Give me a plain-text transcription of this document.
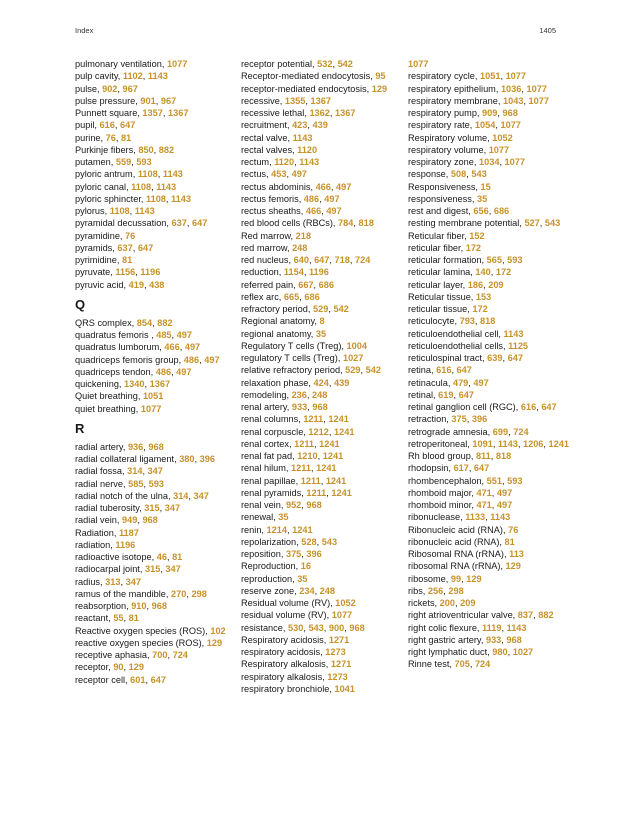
Index	1405
pulmonary ventilation, 1077
pulp cavity, 1102, 1143
pulse, 902, 967
pulse pressure, 901, 967
Punnett square, 1357, 1367
pupil, 616, 647
purine, 76, 81
Purkinje fibers, 850, 882
putamen, 559, 593
pyloric antrum, 1108, 1143
pyloric canal, 1108, 1143
pyloric sphincter, 1108, 1143
pylorus, 1108, 1143
pyramidal decussation, 637, 647
pyramidine, 76
pyramids, 637, 647
pyrimidine, 81
pyruvate, 1156, 1196
pyruvic acid, 419, 438
Q
QRS complex, 854, 882
quadratus femoris , 485, 497
quadratus lumborum, 466, 497
quadriceps femoris group, 486, 497
quadriceps tendon, 486, 497
quickening, 1340, 1367
Quiet breathing, 1051
quiet breathing, 1077
R
radial artery, 936, 968
radial collateral ligament, 380, 396
radial fossa, 314, 347
radial nerve, 585, 593
radial notch of the ulna, 314, 347
radial tuberosity, 315, 347
radial vein, 949, 968
Radiation, 1187
radiation, 1196
radioactive isotope, 46, 81
radiocarpal joint, 315, 347
radius, 313, 347
ramus of the mandible, 270, 298
reabsorption, 910, 968
reactant, 55, 81
Reactive oxygen species (ROS), 102
reactive oxygen species (ROS), 129
receptive aphasia, 700, 724
receptor, 90, 129
receptor cell, 601, 647
receptor potential, 532, 542
Receptor-mediated endocytosis, 95
receptor-mediated endocytosis, 129
recessive, 1355, 1367
recessive lethal, 1362, 1367
recruitment, 423, 439
rectal valve, 1143
rectal valves, 1120
rectum, 1120, 1143
rectus, 453, 497
rectus abdominis, 466, 497
rectus femoris, 486, 497
rectus sheaths, 466, 497
red blood cells (RBCs), 784, 818
Red marrow, 218
red marrow, 248
red nucleus, 640, 647, 718, 724
reduction, 1154, 1196
referred pain, 667, 686
reflex arc, 665, 686
refractory period, 529, 542
Regional anatomy, 8
regional anatomy, 35
Regulatory T cells (Treg), 1004
regulatory T cells (Treg), 1027
relative refractory period, 529, 542
relaxation phase, 424, 439
remodeling, 236, 248
renal artery, 933, 968
renal columns, 1211, 1241
renal corpuscle, 1212, 1241
renal cortex, 1211, 1241
renal fat pad, 1210, 1241
renal hilum, 1211, 1241
renal papillae, 1211, 1241
renal pyramids, 1211, 1241
renal vein, 952, 968
renewal, 35
renin, 1214, 1241
repolarization, 528, 543
reposition, 375, 396
Reproduction, 16
reproduction, 35
reserve zone, 234, 248
Residual volume (RV), 1052
residual volume (RV), 1077
resistance, 530, 543, 900, 968
Respiratory acidosis, 1271
respiratory acidosis, 1273
Respiratory alkalosis, 1271
respiratory alkalosis, 1273
respiratory bronchiole, 1041
1077
respiratory cycle, 1051, 1077
respiratory epithelium, 1036, 1077
respiratory membrane, 1043, 1077
respiratory pump, 909, 968
respiratory rate, 1054, 1077
Respiratory volume, 1052
respiratory volume, 1077
respiratory zone, 1034, 1077
response, 508, 543
Responsiveness, 15
responsiveness, 35
rest and digest, 656, 686
resting membrane potential, 527, 543
Reticular fiber, 152
reticular fiber, 172
reticular formation, 565, 593
reticular lamina, 140, 172
reticular layer, 186, 209
Reticular tissue, 153
reticular tissue, 172
reticulocyte, 793, 818
reticuloendothelial cell, 1143
reticuloendothelial cells, 1125
reticulospinal tract, 639, 647
retina, 616, 647
retinacula, 479, 497
retinal, 619, 647
retinal ganglion cell (RGC), 616, 647
retraction, 375, 396
retrograde amnesia, 699, 724
retroperitoneal, 1091, 1143, 1206, 1241
Rh blood group, 811, 818
rhodopsin, 617, 647
rhombencephalon, 551, 593
rhomboid major, 471, 497
rhomboid minor, 471, 497
ribonuclease, 1133, 1143
Ribonucleic acid (RNA), 76
ribonucleic acid (RNA), 81
Ribosomal RNA (rRNA), 113
ribosomal RNA (rRNA), 129
ribosome, 99, 129
ribs, 256, 298
rickets, 200, 209
right atrioventricular valve, 837, 882
right colic flexure, 1119, 1143
right gastric artery, 933, 968
right lymphatic duct, 980, 1027
Rinne test, 705, 724
